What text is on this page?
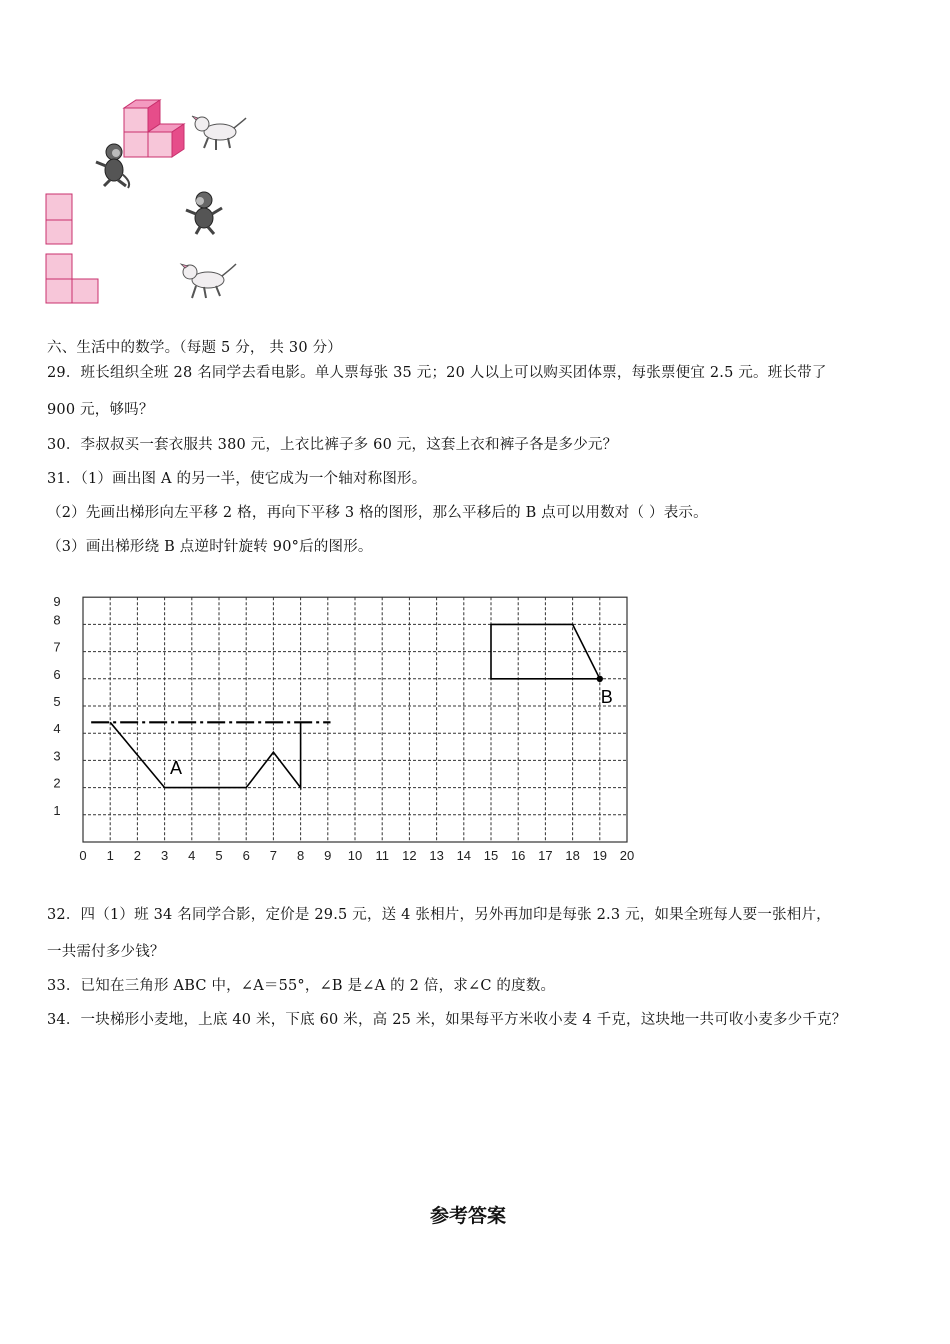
六、生活中的数学。（每题 5 分， 共 30 分）
29．班长组织全班 28 名同学去看电影。单人票每张 35 元；20 人以上可以购买团体票，每张票便宜 2.5 元。班长带了
900 元，够吗？
30．李叔叔买一套衣服共 380 元，上衣比裤子多 60 元，这套上衣和裤子各是多少元？
31．（1）画出图 A 的另一半，使它成为一个轴对称图形。
（2）先画出梯形向左平移 2 格，再向下平移 3 格的图形，那么平移后的 B 点可以用数对（ ）表示。
（3）画出梯形绕 B 点逆时针旋转 90°后的图形。
0 1 2 3 4 5 6 7 8 9 10 11 12 13 14 15 16 17 18 19 20
1
2
3
4
5
6
7
8
9
A
B
32．四（1）班 34 名同学合影，定价是 29.5 元，送 4 张相片，另外再加印是每张 2.3 元，如果全班每人要一张相片，
一共需付多少钱？
33．已知在三角形 ABC 中，∠A＝55°，∠B 是∠A 的 2 倍，求∠C 的度数。
34．一块梯形小麦地，上底 40 米，下底 60 米，高 25 米，如果每平方米收小麦 4 千克，这块地一共可收小麦多少千克？
参考答案
